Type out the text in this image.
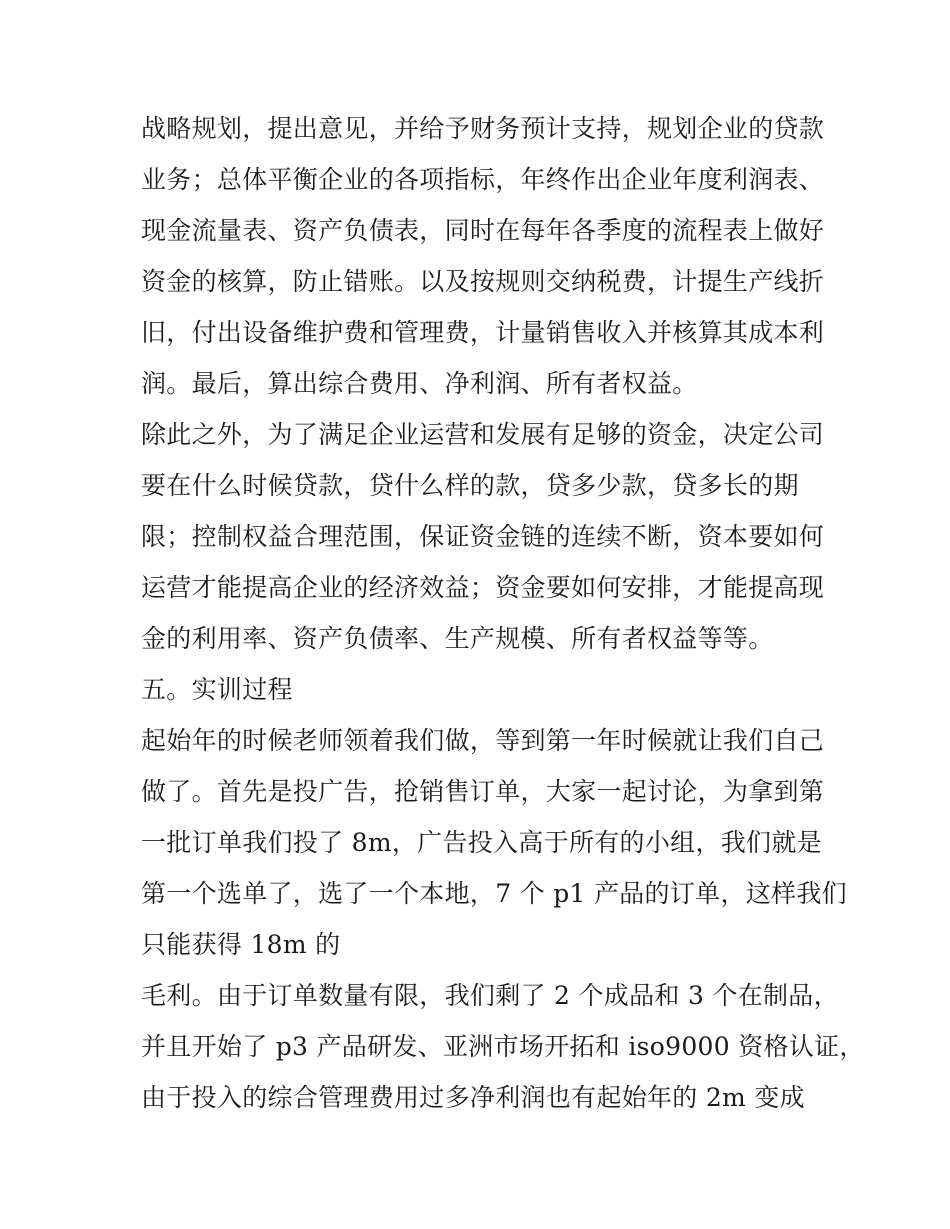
战略规划，提出意见，并给予财务预计支持，规划企业的贷款
业务；总体平衡企业的各项指标，年终作出企业年度利润表、
现金流量表、资产负债表，同时在每年各季度的流程表上做好
资金的核算，防止错账。以及按规则交纳税费，计提生产线折
旧，付出设备维护费和管理费，计量销售收入并核算其成本利
润。最后，算出综合费用、净利润、所有者权益。
除此之外，为了满足企业运营和发展有足够的资金，决定公司
要在什么时候贷款，贷什么样的款，贷多少款，贷多长的期
限；控制权益合理范围，保证资金链的连续不断，资本要如何
运营才能提高企业的经济效益；资金要如何安排，才能提高现
金的利用率、资产负债率、生产规模、所有者权益等等。
五。实训过程
起始年的时候老师领着我们做，等到第一年时候就让我们自己
做了。首先是投广告，抢销售订单，大家一起讨论，为拿到第
一批订单我们投了 8m，广告投入高于所有的小组，我们就是
第一个选单了，选了一个本地，7 个 p1 产品的订单，这样我们
只能获得 18m 的
毛利。由于订单数量有限，我们剩了 2 个成品和 3 个在制品，
并且开始了 p3 产品研发、亚洲市场开拓和 iso9000 资格认证，
由于投入的综合管理费用过多净利润也有起始年的 2m 变成
